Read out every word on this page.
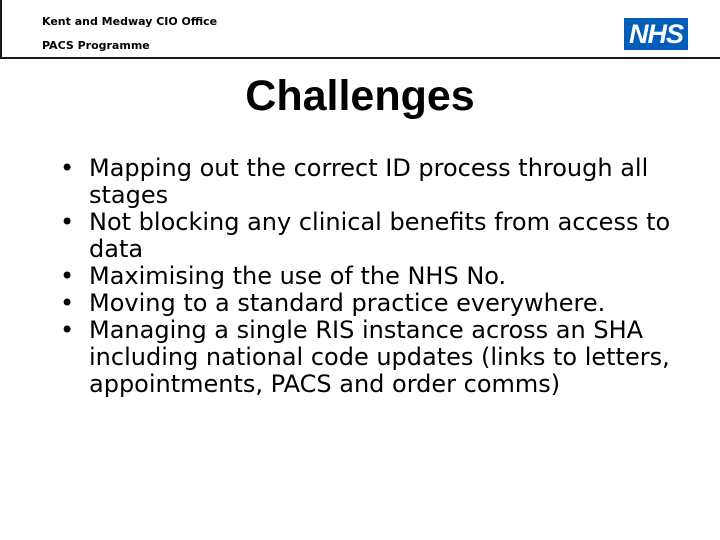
Kent and Medway CIO Office
PACS Programme	NHS
Challenges
• Mapping out the correct ID process through all stages
• Not blocking any clinical benefits from access to data
• Maximising the use of the NHS No.
• Moving to a standard practice everywhere.
• Managing a single RIS instance across an SHA including national code updates (links to letters, appointments, PACS and order comms)
